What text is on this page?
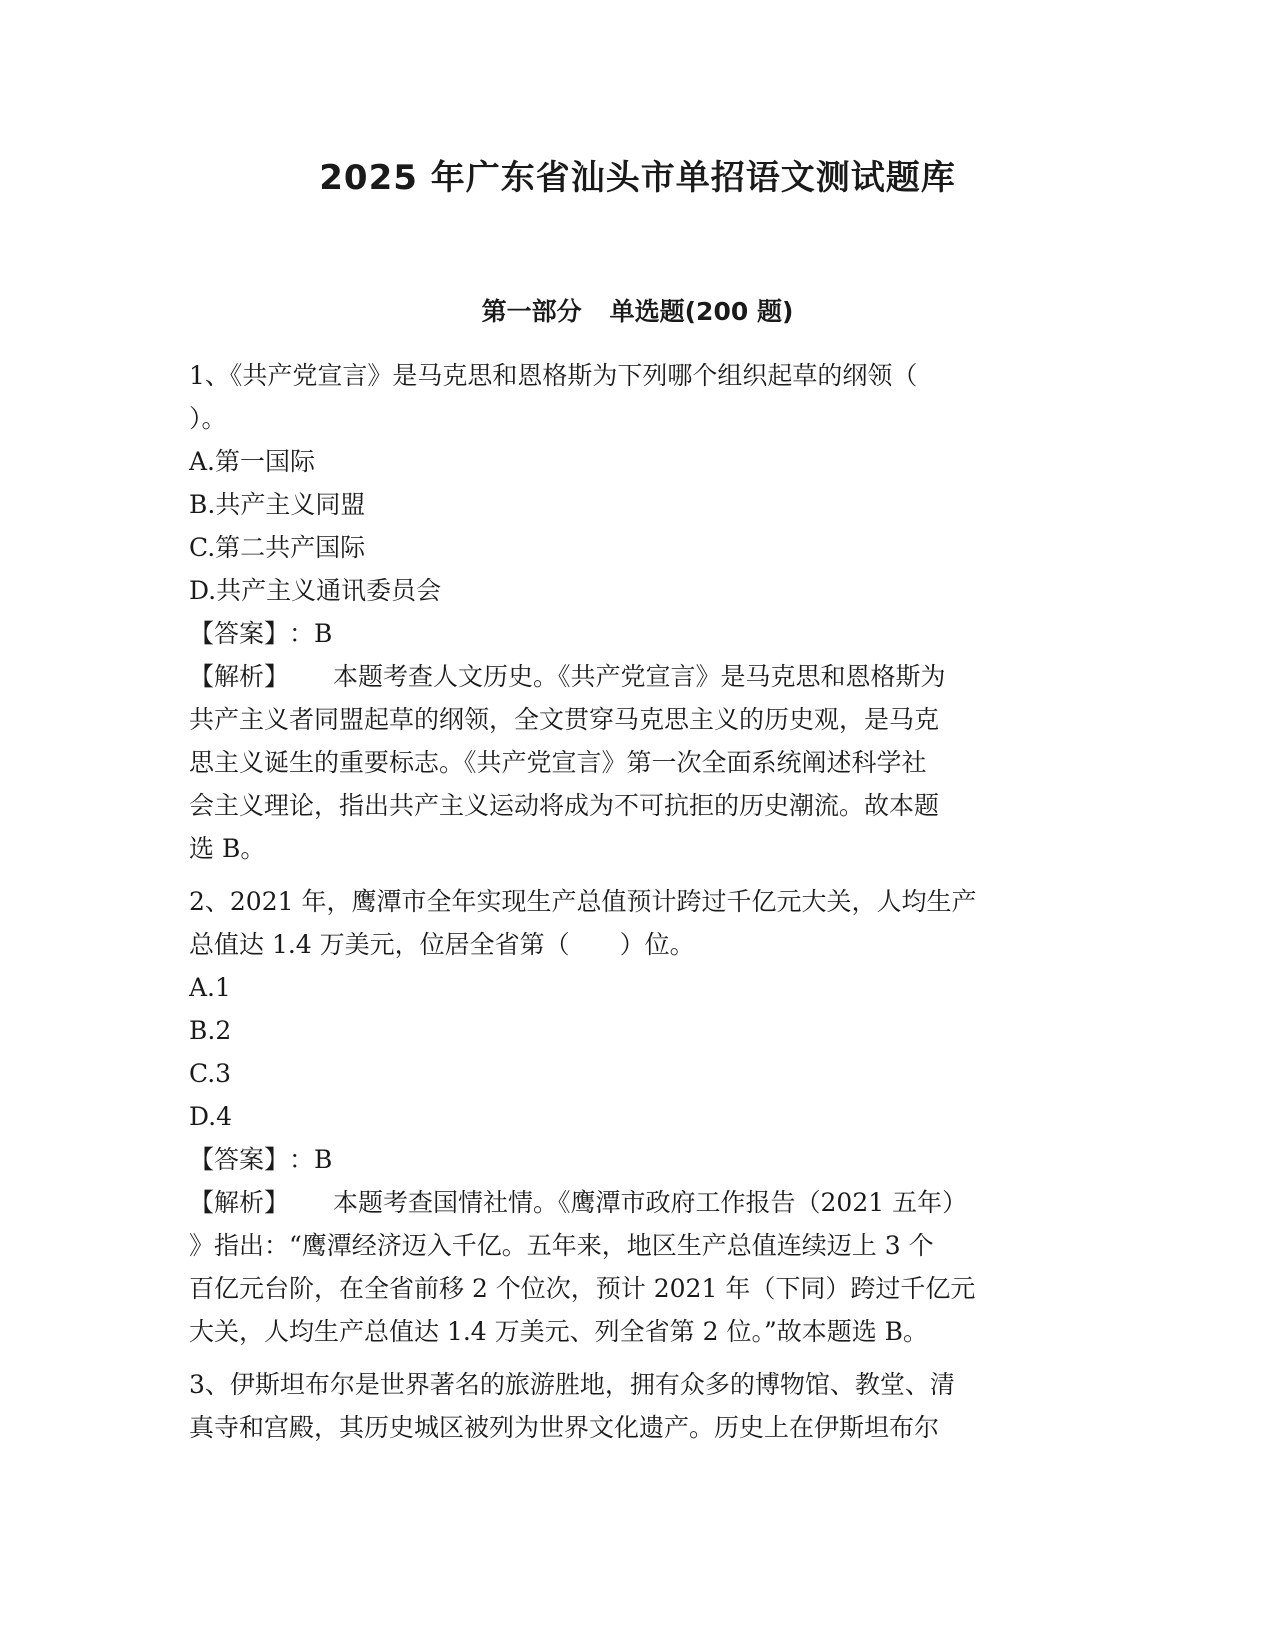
2025 年广东省汕头市单招语文测试题库
第一部分 单选题(200 题)
1、《共产党宣言》是马克思和恩格斯为下列哪个组织起草的纲领（
）。
A.第一国际
B.共产主义同盟
C.第二共产国际
D.共产主义通讯委员会
【答案】：B
【解析】 本题考查人文历史。《共产党宣言》是马克思和恩格斯为
共产主义者同盟起草的纲领，全文贯穿马克思主义的历史观，是马克
思主义诞生的重要标志。《共产党宣言》第一次全面系统阐述科学社
会主义理论，指出共产主义运动将成为不可抗拒的历史潮流。故本题
选 B。
2、2021 年，鹰潭市全年实现生产总值预计跨过千亿元大关，人均生产
总值达 1.4 万美元，位居全省第（　　）位。
A.1
B.2
C.3
D.4
【答案】：B
【解析】 本题考查国情社情。《鹰潭市政府工作报告（2021 五年）
》指出：“鹰潭经济迈入千亿。五年来，地区生产总值连续迈上 3 个
百亿元台阶，在全省前移 2 个位次，预计 2021 年（下同）跨过千亿元
大关，人均生产总值达 1.4 万美元、列全省第 2 位。”故本题选 B。
3、伊斯坦布尔是世界著名的旅游胜地，拥有众多的博物馆、教堂、清
真寺和宫殿，其历史城区被列为世界文化遗产。历史上在伊斯坦布尔
